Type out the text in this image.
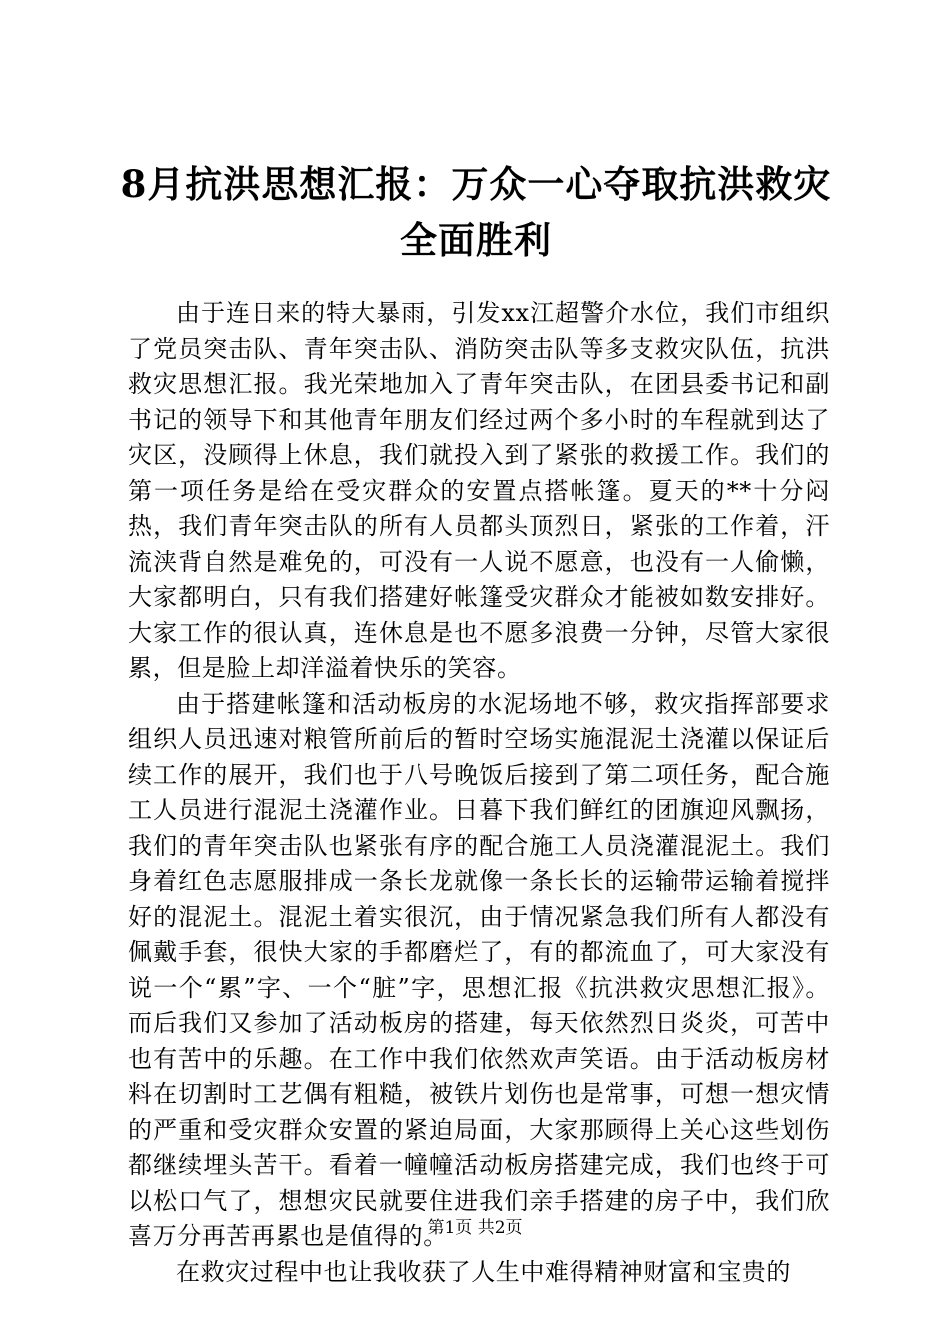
8月抗洪思想汇报：万众一心夺取抗洪救灾全面胜利

由于连日来的特大暴雨，引发xx江超警介水位，我们市组织了党员突击队、青年突击队、消防突击队等多支救灾队伍，抗洪救灾思想汇报。我光荣地加入了青年突击队，在团县委书记和副书记的领导下和其他青年朋友们经过两个多小时的车程就到达了灾区，没顾得上休息，我们就投入到了紧张的救援工作。我们的第一项任务是给在受灾群众的安置点搭帐篷。夏天的**十分闷热，我们青年突击队的所有人员都头顶烈日，紧张的工作着，汗流浃背自然是难免的，可没有一人说不愿意，也没有一人偷懒，大家都明白，只有我们搭建好帐篷受灾群众才能被如数安排好。大家工作的很认真，连休息是也不愿多浪费一分钟，尽管大家很累，但是脸上却洋溢着快乐的笑容。

由于搭建帐篷和活动板房的水泥场地不够，救灾指挥部要求组织人员迅速对粮管所前后的暂时空场实施混泥土浇灌以保证后续工作的展开，我们也于八号晚饭后接到了第二项任务，配合施工人员进行混泥土浇灌作业。日暮下我们鲜红的团旗迎风飘扬，我们的青年突击队也紧张有序的配合施工人员浇灌混泥土。我们身着红色志愿服排成一条长龙就像一条长长的运输带运输着搅拌好的混泥土。混泥土着实很沉，由于情况紧急我们所有人都没有佩戴手套，很快大家的手都磨烂了，有的都流血了，可大家没有说一个“累”字、一个“脏”字，思想汇报《抗洪救灾思想汇报》。而后我们又参加了活动板房的搭建，每天依然烈日炎炎，可苦中也有苦中的乐趣。在工作中我们依然欢声笑语。由于活动板房材料在切割时工艺偶有粗糙，被铁片划伤也是常事，可想一想灾情的严重和受灾群众安置的紧迫局面，大家那顾得上关心这些划伤都继续埋头苦干。看着一幢幢活动板房搭建完成，我们也终于可以松口气了，想想灾民就要住进我们亲手搭建的房子中，我们欣喜万分再苦再累也是值得的。

在救灾过程中也让我收获了人生中难得精神财富和宝贵的

第1页 共2页
